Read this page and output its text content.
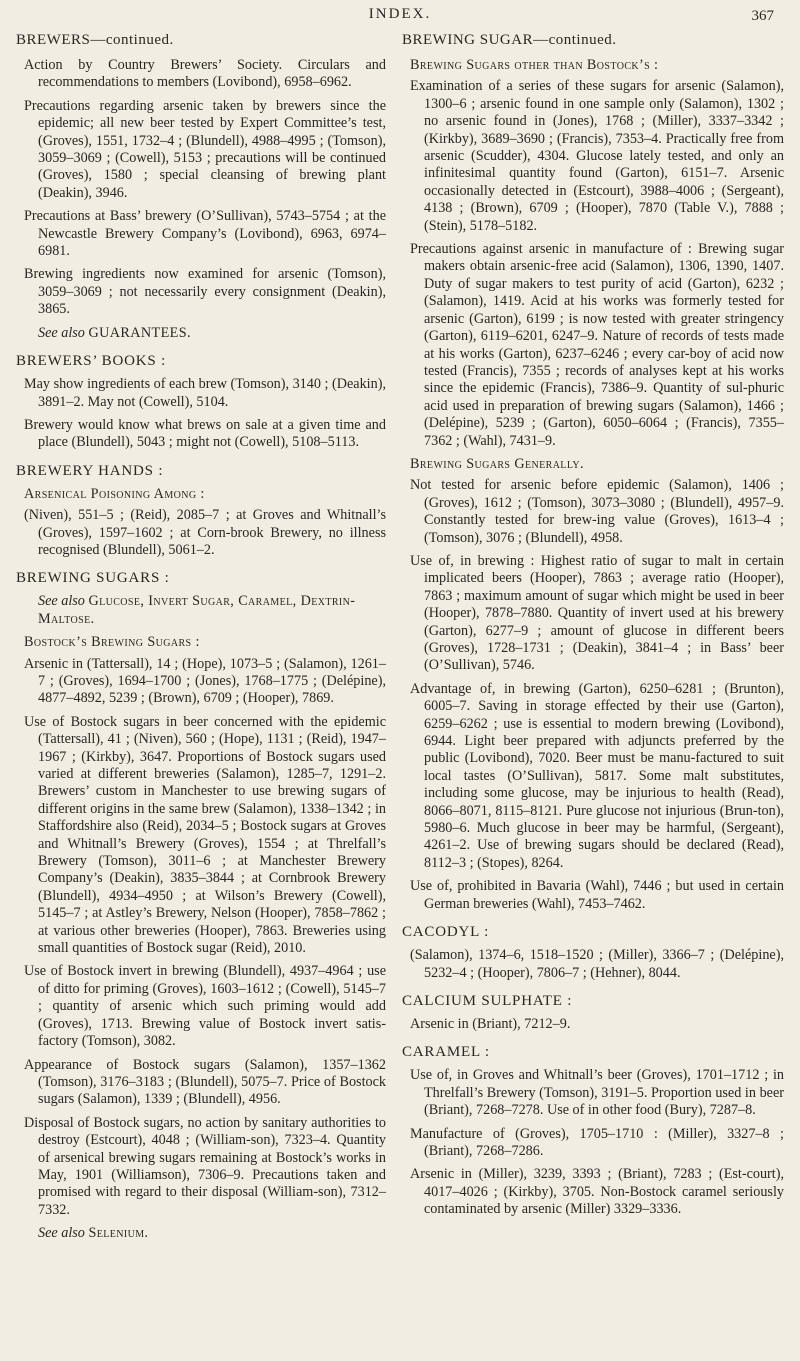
INDEX.	367
BREWERS—continued.

Action by Country Brewers’ Society. Circulars and recommendations to members (Lovibond), 6958–6962.

Precautions regarding arsenic taken by brewers since the epidemic; all new beer tested by Expert Committee’s test, (Groves), 1551, 1732–4 ; (Blundell), 4988–4995 ; (Tomson), 3059–3069 ; (Cowell), 5153 ; precautions will be continued (Groves), 1580 ; special cleansing of brewing plant (Deakin), 3946.

Precautions at Bass’ brewery (O’Sullivan), 5743–5754 ; at the Newcastle Brewery Company’s (Lovibond), 6963, 6974–6981.

Brewing ingredients now examined for arsenic (Tomson), 3059–3069 ; not necessarily every consignment (Deakin), 3865.

See also GUARANTEES.
BREWERS’ BOOKS :

May show ingredients of each brew (Tomson), 3140 ; (Deakin), 3891–2. May not (Cowell), 5104.

Brewery would know what brews on sale at a given time and place (Blundell), 5043 ; might not (Cowell), 5108–5113.

BREWERY HANDS :
Arsenical Poisoning Among :

(Niven), 551–5 ; (Reid), 2085–7 ; at Groves and Whitnall’s (Groves), 1597–1602 ; at Corn-brook Brewery, no illness recognised (Blundell), 5061–2.

BREWING SUGARS :
See also Glucose, Invert Sugar, Caramel, Dextrin-Maltose.
Bostock’s Brewing Sugars :

Arsenic in (Tattersall), 14 ; (Hope), 1073–5 ; (Salamon), 1261–7 ; (Groves), 1694–1700 ; (Jones), 1768–1775 ; (Delépine), 4877–4892, 5239 ; (Brown), 6709 ; (Hooper), 7869.

Use of Bostock sugars in beer concerned with the epidemic (Tattersall), 41 ; (Niven), 560 ; (Hope), 1131 ; (Reid), 1947–1967 ; (Kirkby), 3647. Proportions of Bostock sugars used varied at different breweries (Salamon), 1285–7, 1291–2. Brewers’ custom in Manchester to use brewing sugars of different origins in the same brew (Salamon), 1338–1342 ; in Staffordshire also (Reid), 2034–5 ; Bostock sugars at Groves and Whitnall’s Brewery (Groves), 1554 ; at Threlfall’s Brewery (Tomson), 3011–6 ; at Manchester Brewery Company’s (Deakin), 3835–3844 ; at Cornbrook Brewery (Blundell), 4934–4950 ; at Wilson’s Brewery (Cowell), 5145–7 ; at Astley’s Brewery, Nelson (Hooper), 7858–7862 ; at various other breweries (Hooper), 7863. Breweries using small quantities of Bostock sugar (Reid), 2010.

Use of Bostock invert in brewing (Blundell), 4937–4964 ; use of ditto for priming (Groves), 1603–1612 ; (Cowell), 5145–7 ; quantity of arsenic which such priming would add (Groves), 1713. Brewing value of Bostock invert satis-factory (Tomson), 3082.

Appearance of Bostock sugars (Salamon), 1357–1362 (Tomson), 3176–3183 ; (Blundell), 5075–7. Price of Bostock sugars (Salamon), 1339 ; (Blundell), 4956.

Disposal of Bostock sugars, no action by sanitary authorities to destroy (Estcourt), 4048 ; (William-son), 7323–4. Quantity of arsenical brewing sugars remaining at Bostock’s works in May, 1901 (Williamson), 7306–9. Precautions taken and promised with regard to their disposal (William-son), 7312–7332.

See also Selenium.
BREWING SUGAR—continued.
Brewing Sugars other than Bostock’s :

Examination of a series of these sugars for arsenic (Salamon), 1300–6 ; arsenic found in one sample only (Salamon), 1302 ; no arsenic found in (Jones), 1768 ; (Miller), 3337–3342 ; (Kirkby), 3689–3690 ; (Francis), 7353–4. Practically free from arsenic (Scudder), 4304. Glucose lately tested, and only an infinitesimal quantity found (Garton), 6151–7. Arsenic occasionally detected in (Estcourt), 3988–4006 ; (Sergeant), 4138 ; (Brown), 6709 ; (Hooper), 7870 (Table V.), 7888 ; (Stein), 5178–5182.

Precautions against arsenic in manufacture of : Brewing sugar makers obtain arsenic-free acid (Salamon), 1306, 1390, 1407. Duty of sugar makers to test purity of acid (Garton), 6232 ; (Salamon), 1419. Acid at his works was formerly tested for arsenic (Garton), 6199 ; is now tested with greater stringency (Garton), 6119–6201, 6247–9. Nature of records of tests made at his works (Garton), 6237–6246 ; every car-boy of acid now tested (Francis), 7355 ; records of analyses kept at his works since the epidemic (Francis), 7386–9. Quantity of sul-phuric acid used in preparation of brewing sugars (Salamon), 1466 ; (Delépine), 5239 ; (Garton), 6050–6064 ; (Francis), 7355–7362 ; (Wahl), 7431–9.

Brewing Sugars Generally.

Not tested for arsenic before epidemic (Salamon), 1406 ; (Groves), 1612 ; (Tomson), 3073–3080 ; (Blundell), 4957–9. Constantly tested for brew-ing value (Groves), 1613–4 ; (Tomson), 3076 ; (Blundell), 4958.

Use of, in brewing : Highest ratio of sugar to malt in certain implicated beers (Hooper), 7863 ; average ratio (Hooper), 7863 ; maximum amount of sugar which might be used in beer (Hooper), 7878–7880. Quantity of invert used at his brewery (Garton), 6277–9 ; amount of glucose in different beers (Groves), 1728–1731 ; (Deakin), 3841–4 ; in Bass’ beer (O’Sullivan), 5746.

Advantage of, in brewing (Garton), 6250–6281 ; (Brunton), 6005–7. Saving in storage effected by their use (Garton), 6259–6262 ; use is essential to modern brewing (Lovibond), 6944. Light beer prepared with adjuncts preferred by the public (Lovibond), 7020. Beer must be manu-factured to suit local tastes (O’Sullivan), 5817. Some malt substitutes, including some glucose, may be injurious to health (Read), 8066–8071, 8115–8121. Pure glucose not injurious (Brun-ton), 5980–6. Much glucose in beer may be harmful, (Sergeant), 4261–2. Use of brewing sugars should be declared (Read), 8112–3 ; (Stopes), 8264.

Use of, prohibited in Bavaria (Wahl), 7446 ; but used in certain German breweries (Wahl), 7453–7462.

CACODYL :

(Salamon), 1374–6, 1518–1520 ; (Miller), 3366–7 ; (Delépine), 5232–4 ; (Hooper), 7806–7 ; (Hehner), 8044.

CALCIUM SULPHATE :

Arsenic in (Briant), 7212–9.

CARAMEL :

Use of, in Groves and Whitnall’s beer (Groves), 1701–1712 ; in Threlfall’s Brewery (Tomson), 3191–5. Proportion used in beer (Briant), 7268–7278. Use of in other food (Bury), 7287–8.

Manufacture of (Groves), 1705–1710 : (Miller), 3327–8 ; (Briant), 7268–7286.

Arsenic in (Miller), 3239, 3393 ; (Briant), 7283 ; (Est-court), 4017–4026 ; (Kirkby), 3705. Non-Bostock caramel seriously contaminated by arsenic (Miller) 3329–3336.
